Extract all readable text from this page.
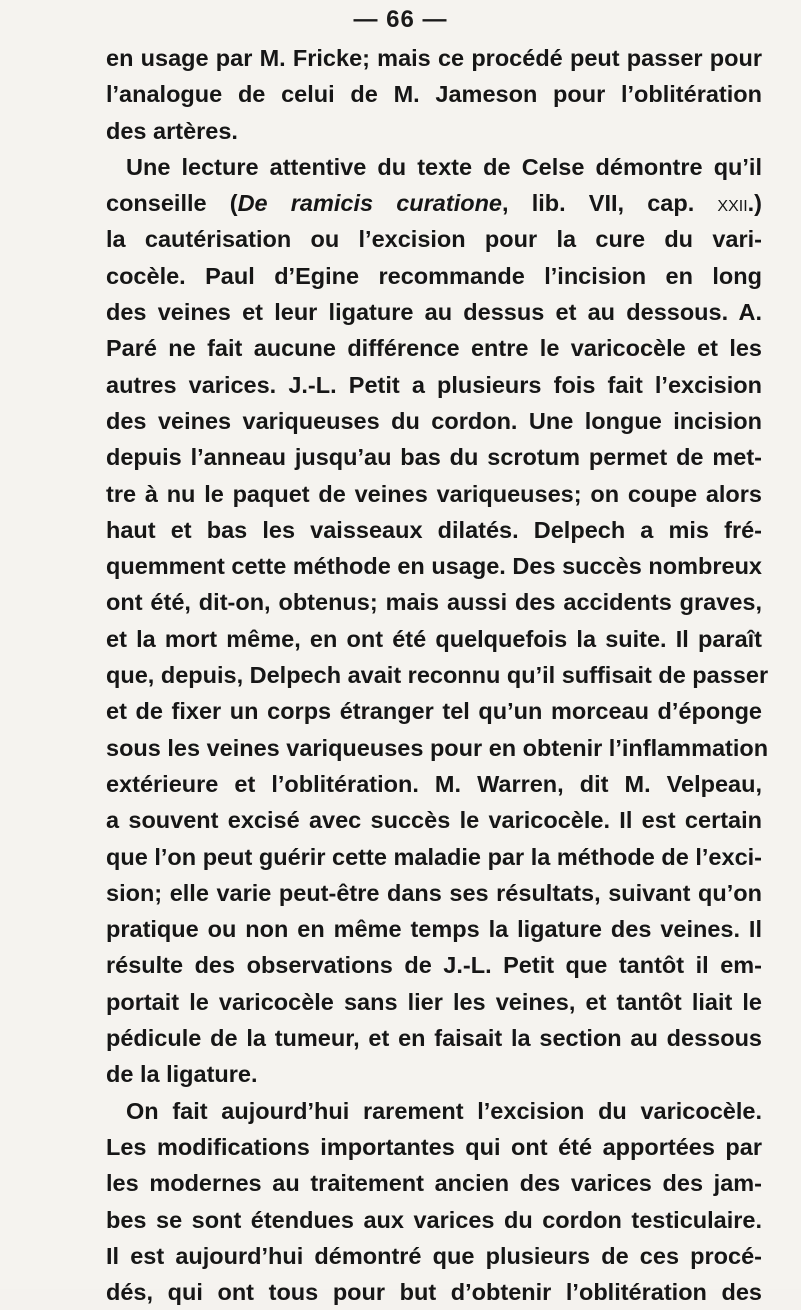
— 66 —
en usage par M. Fricke; mais ce procédé peut passer pour
l’analogue de celui de M. Jameson pour l’oblitération
des artères.
Une lecture attentive du texte de Celse démontre qu’il
conseille (De ramicis curatione, lib. VII, cap. xxii.)
la cautérisation ou l’excision pour la cure du vari-
cocèle. Paul d’Egine recommande l’incision en long
des veines et leur ligature au dessus et au dessous. A.
Paré ne fait aucune différence entre le varicocèle et les
autres varices. J.-L. Petit a plusieurs fois fait l’excision
des veines variqueuses du cordon. Une longue incision
depuis l’anneau jusqu’au bas du scrotum permet de met-
tre à nu le paquet de veines variqueuses; on coupe alors
haut et bas les vaisseaux dilatés. Delpech a mis fré-
quemment cette méthode en usage. Des succès nombreux
ont été, dit-on, obtenus; mais aussi des accidents graves,
et la mort même, en ont été quelquefois la suite. Il paraît
que, depuis, Delpech avait reconnu qu’il suffisait de passer
et de fixer un corps étranger tel qu’un morceau d’éponge
sous les veines variqueuses pour en obtenir l’inflammation
extérieure et l’oblitération. M. Warren, dit M. Velpeau,
a souvent excisé avec succès le varicocèle. Il est certain
que l’on peut guérir cette maladie par la méthode de l’exci-
sion; elle varie peut-être dans ses résultats, suivant qu’on
pratique ou non en même temps la ligature des veines. Il
résulte des observations de J.-L. Petit que tantôt il em-
portait le varicocèle sans lier les veines, et tantôt liait le
pédicule de la tumeur, et en faisait la section au dessous
de la ligature.
On fait aujourd’hui rarement l’excision du varicocèle.
Les modifications importantes qui ont été apportées par
les modernes au traitement ancien des varices des jam-
bes se sont étendues aux varices du cordon testiculaire.
Il est aujourd’hui démontré que plusieurs de ces procé-
dés, qui ont tous pour but d’obtenir l’oblitération des
